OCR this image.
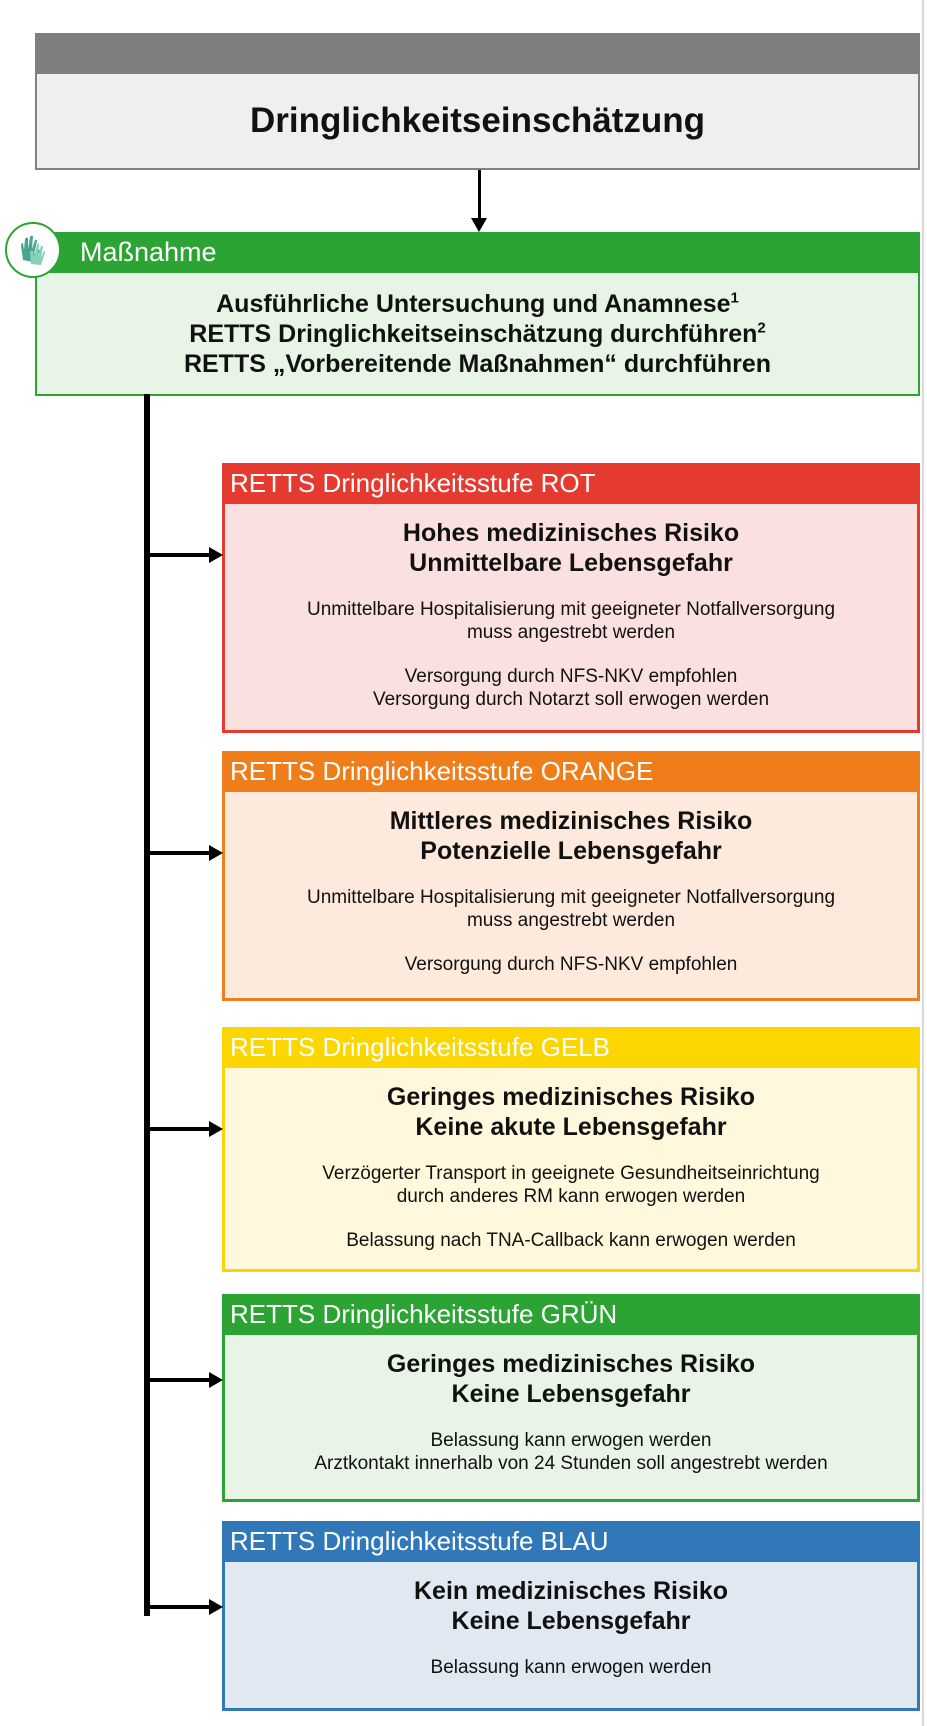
Dringlichkeitseinschätzung
Maßnahme
Ausführliche Untersuchung und Anamnese$^1$
RETTS Dringlichkeitseinschätzung durchführen$^2$
RETTS „Vorbereitende Maßnahmen“ durchführen
RETTS Dringlichkeitsstufe ROT
Hohes medizinisches Risiko
Unmittelbare Lebensgefahr
Unmittelbare Hospitalisierung mit geeigneter Notfallversorgung
muss angestrebt werden
Versorgung durch NFS-NKV empfohlen
Versorgung durch Notarzt soll erwogen werden
RETTS Dringlichkeitsstufe ORANGE
Mittleres medizinisches Risiko
Potenzielle Lebensgefahr
Unmittelbare Hospitalisierung mit geeigneter Notfallversorgung
muss angestrebt werden
Versorgung durch NFS-NKV empfohlen
RETTS Dringlichkeitsstufe GELB
Geringes medizinisches Risiko
Keine akute Lebensgefahr
Verzögerter Transport in geeignete Gesundheitseinrichtung
durch anderes RM kann erwogen werden
Belassung nach TNA-Callback kann erwogen werden
RETTS Dringlichkeitsstufe GRÜN
Geringes medizinisches Risiko
Keine Lebensgefahr
Belassung kann erwogen werden
Arztkontakt innerhalb von 24 Stunden soll angestrebt werden
RETTS Dringlichkeitsstufe BLAU
Kein medizinisches Risiko
Keine Lebensgefahr
Belassung kann erwogen werden
